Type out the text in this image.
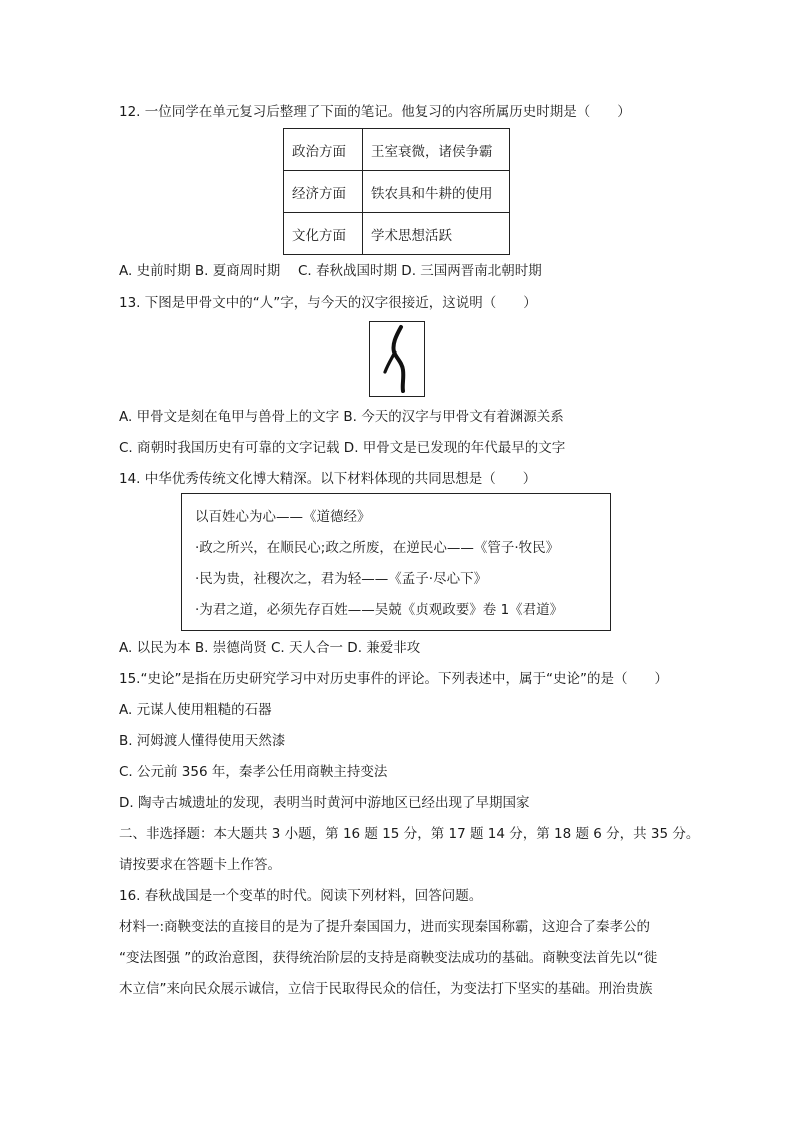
12. 一位同学在单元复习后整理了下面的笔记。他复习的内容所属历史时期是（　　）
政治方面	王室衰微，诸侯争霸
经济方面	铁农具和牛耕的使用
文化方面	学术思想活跃
A. 史前时期 B. 夏商周时期　 C. 春秋战国时期 D. 三国两晋南北朝时期
13. 下图是甲骨文中的“人”字，与今天的汉字很接近，这说明（　　）
A. 甲骨文是刻在龟甲与兽骨上的文字 B. 今天的汉字与甲骨文有着渊源关系
C. 商朝时我国历史有可靠的文字记载 D. 甲骨文是已发现的年代最早的文字
14. 中华优秀传统文化博大精深。以下材料体现的共同思想是（　　）
以百姓心为心——《道德经》
·政之所兴，在顺民心;政之所废，在逆民心——《管子·牧民》
·民为贵，社稷次之，君为轻——《孟子·尽心下》
·为君之道，必须先存百姓——吴兢《贞观政要》卷 1《君道》
A. 以民为本 B. 崇德尚贤 C. 天人合一 D. 兼爱非攻
15.“史论”是指在历史研究学习中对历史事件的评论。下列表述中，属于“史论”的是（　　）
A. 元谋人使用粗糙的石器
B. 河姆渡人懂得使用天然漆
C. 公元前 356 年，秦孝公任用商鞅主持变法
D. 陶寺古城遗址的发现，表明当时黄河中游地区已经出现了早期国家
二、非选择题：本大题共 3 小题，第 16 题 15 分，第 17 题 14 分，第 18 题 6 分，共 35 分。
请按要求在答题卡上作答。
16. 春秋战国是一个变革的时代。阅读下列材料，回答问题。
材料一:商鞅变法的直接目的是为了提升秦国国力，进而实现秦国称霸，这迎合了秦孝公的
“变法图强 ”的政治意图，获得统治阶层的支持是商鞅变法成功的基础。商鞅变法首先以“徙
木立信”来向民众展示诚信，立信于民取得民众的信任，为变法打下坚实的基础。刑治贵族
